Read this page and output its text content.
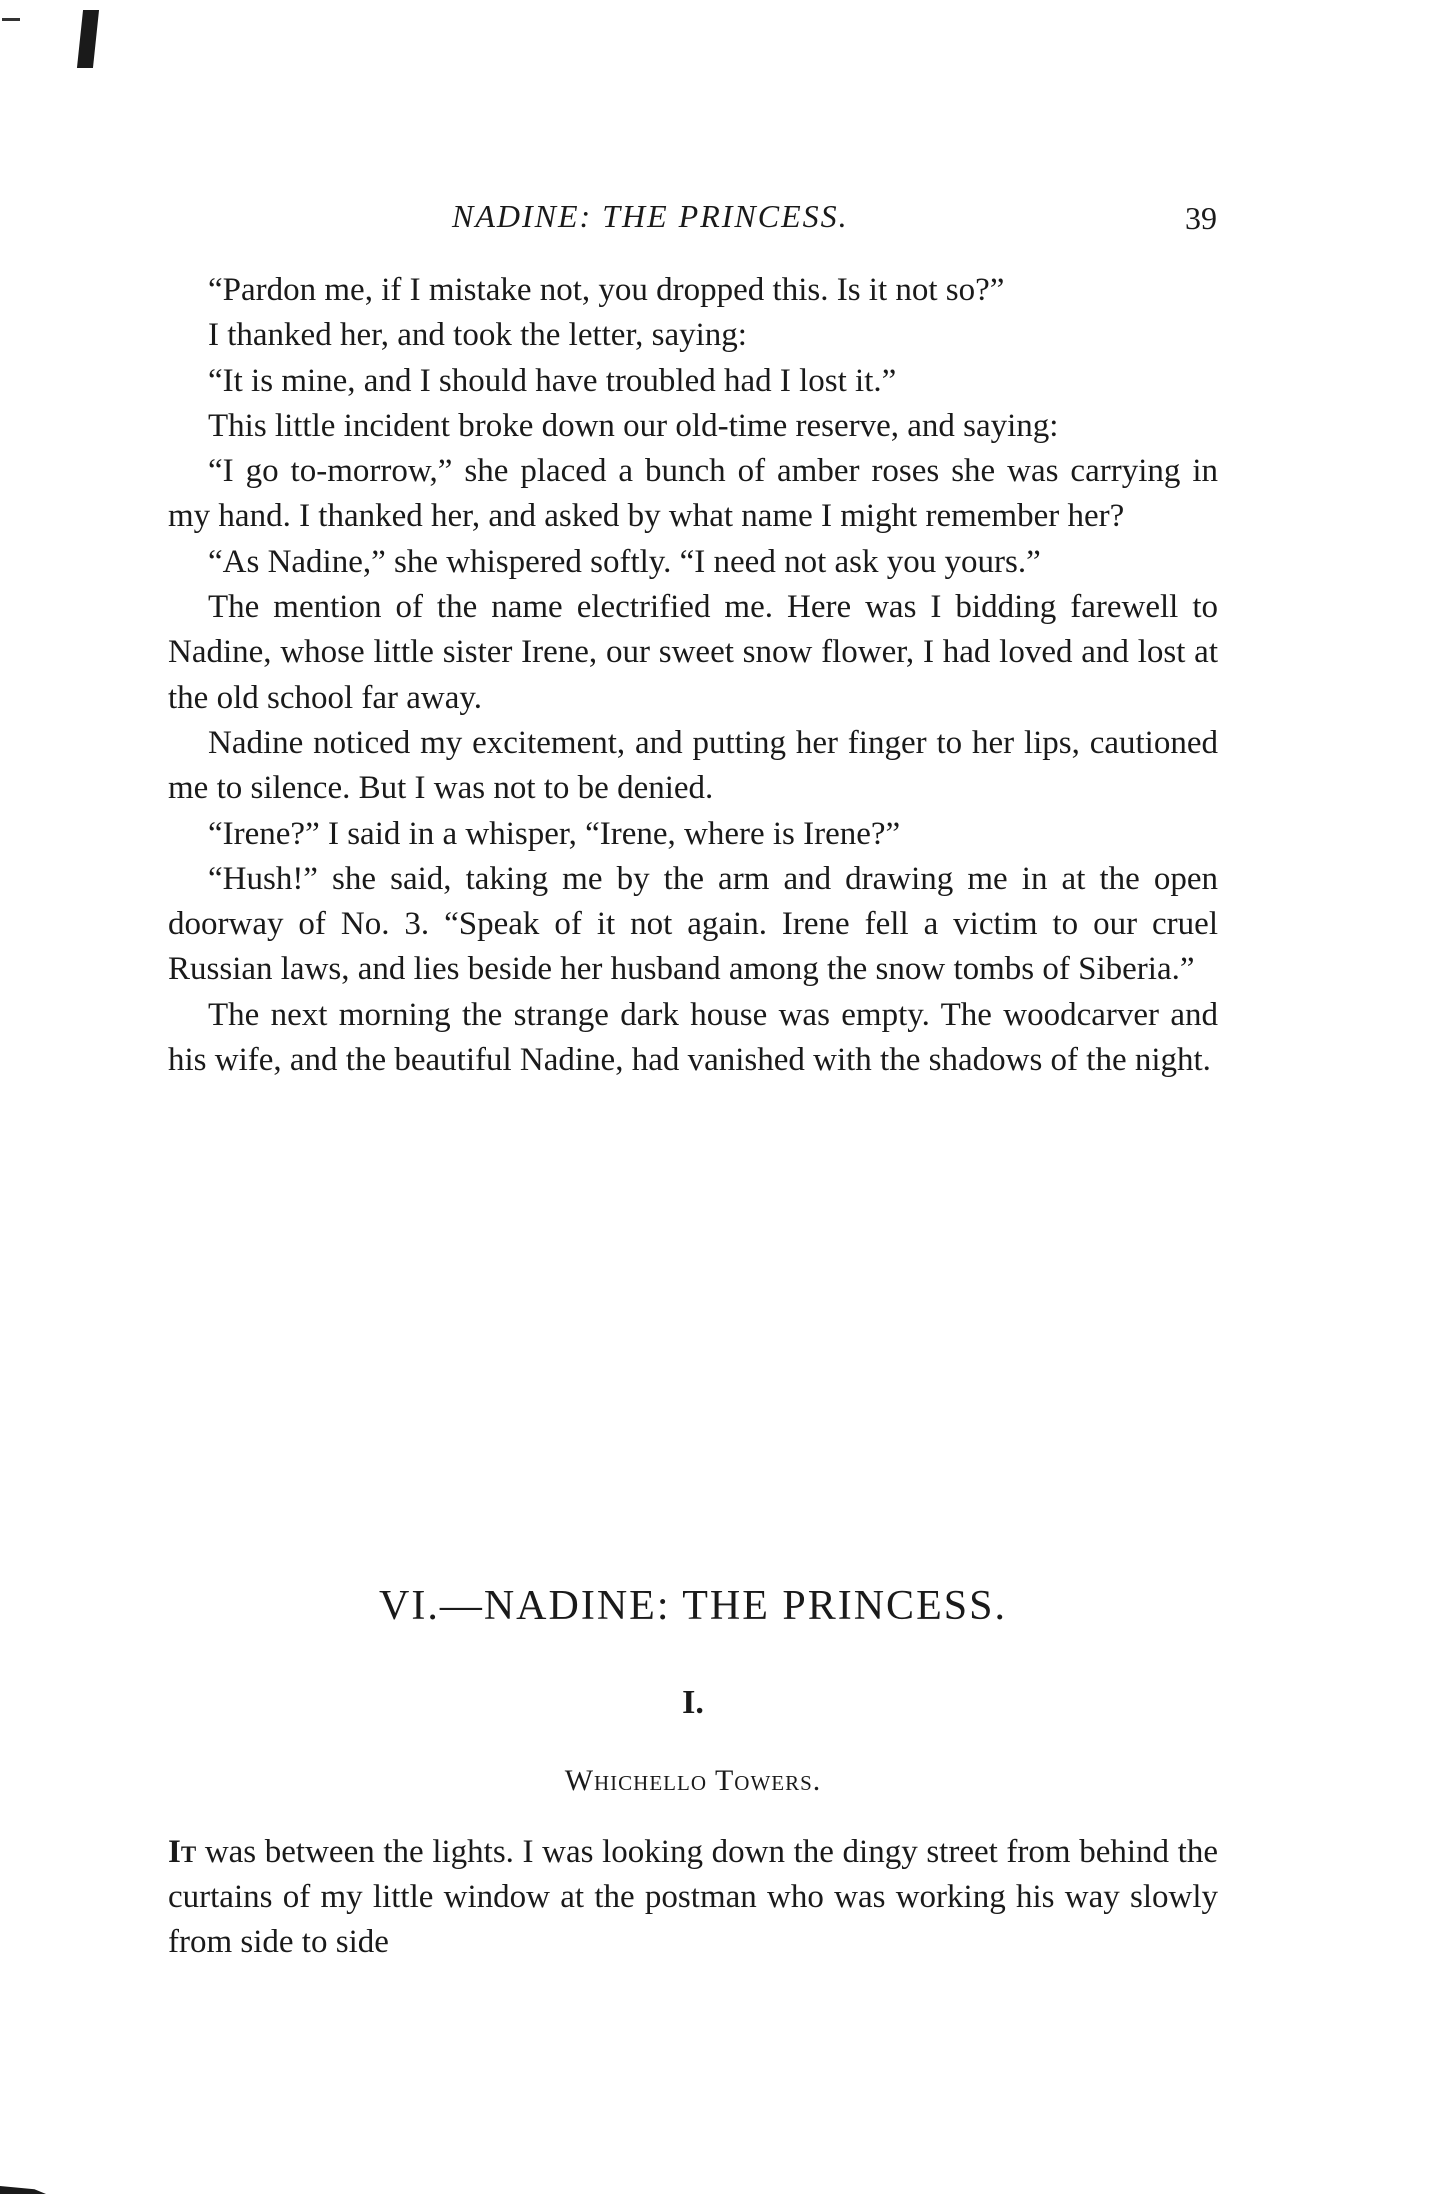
NADINE: THE PRINCESS.	39

“Pardon me, if I mistake not, you dropped this. Is it not so?”

I thanked her, and took the letter, saying:

“It is mine, and I should have troubled had I lost it.”

This little incident broke down our old-time reserve, and saying:

“I go to-morrow,” she placed a bunch of amber roses she was carrying in my hand. I thanked her, and asked by what name I might remember her?

“As Nadine,” she whispered softly. “I need not ask you yours.”

The mention of the name electrified me. Here was I bidding farewell to Nadine, whose little sister Irene, our sweet snow flower, I had loved and lost at the old school far away.

Nadine noticed my excitement, and putting her finger to her lips, cautioned me to silence. But I was not to be denied.

“Irene?” I said in a whisper, “Irene, where is Irene?”

“Hush!” she said, taking me by the arm and drawing me in at the open doorway of No. 3. “Speak of it not again. Irene fell a victim to our cruel Russian laws, and lies beside her husband among the snow tombs of Siberia.”

The next morning the strange dark house was empty. The woodcarver and his wife, and the beautiful Nadine, had vanished with the shadows of the night.

VI.—NADINE: THE PRINCESS.
I.
Whichello Towers.

It was between the lights. I was looking down the dingy street from behind the curtains of my little window at the postman who was working his way slowly from side to side
